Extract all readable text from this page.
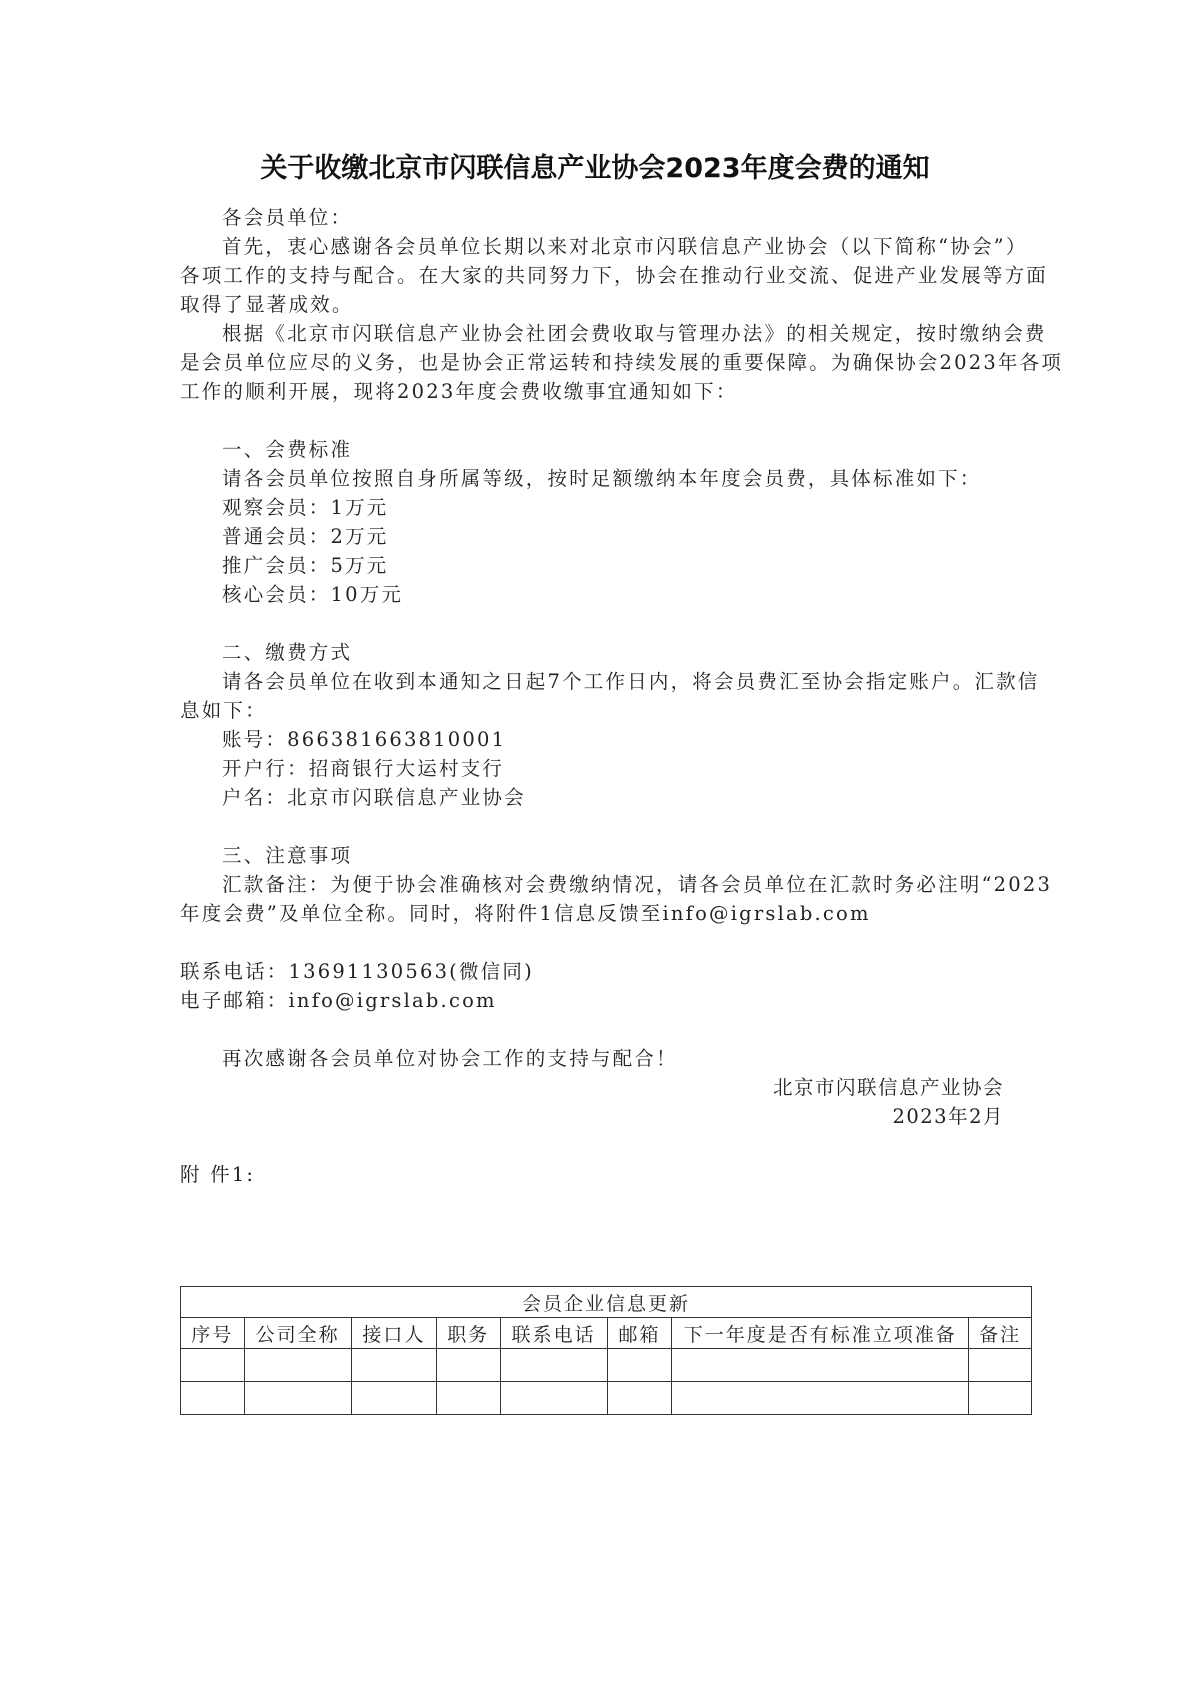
关于收缴北京市闪联信息产业协会2023年度会费的通知
各会员单位：
首先，衷心感谢各会员单位长期以来对北京市闪联信息产业协会（以下简称“协会”）
各项工作的支持与配合。在大家的共同努力下，协会在推动行业交流、促进产业发展等方面
取得了显著成效。
根据《北京市闪联信息产业协会社团会费收取与管理办法》的相关规定，按时缴纳会费
是会员单位应尽的义务，也是协会正常运转和持续发展的重要保障。为确保协会2023年各项
工作的顺利开展，现将2023年度会费收缴事宜通知如下：
一、会费标准
请各会员单位按照自身所属等级，按时足额缴纳本年度会员费，具体标准如下：
观察会员：1万元
普通会员：2万元
推广会员：5万元
核心会员：10万元
二、缴费方式
请各会员单位在收到本通知之日起7个工作日内，将会员费汇至协会指定账户。汇款信
息如下：
账号：866381663810001
开户行：招商银行大运村支行
户名：北京市闪联信息产业协会
三、注意事项
汇款备注：为便于协会准确核对会费缴纳情况，请各会员单位在汇款时务必注明“2023
年度会费”及单位全称。同时，将附件1信息反馈至info@igrslab.com
联系电话：13691130563(微信同)
电子邮箱：info@igrslab.com
再次感谢各会员单位对协会工作的支持与配合！
北京市闪联信息产业协会
2023年2月
附 件1:
会员企业信息更新							
序号	公司全称	接口人	职务	联系电话	邮箱	下一年度是否有标准立项准备	备注
